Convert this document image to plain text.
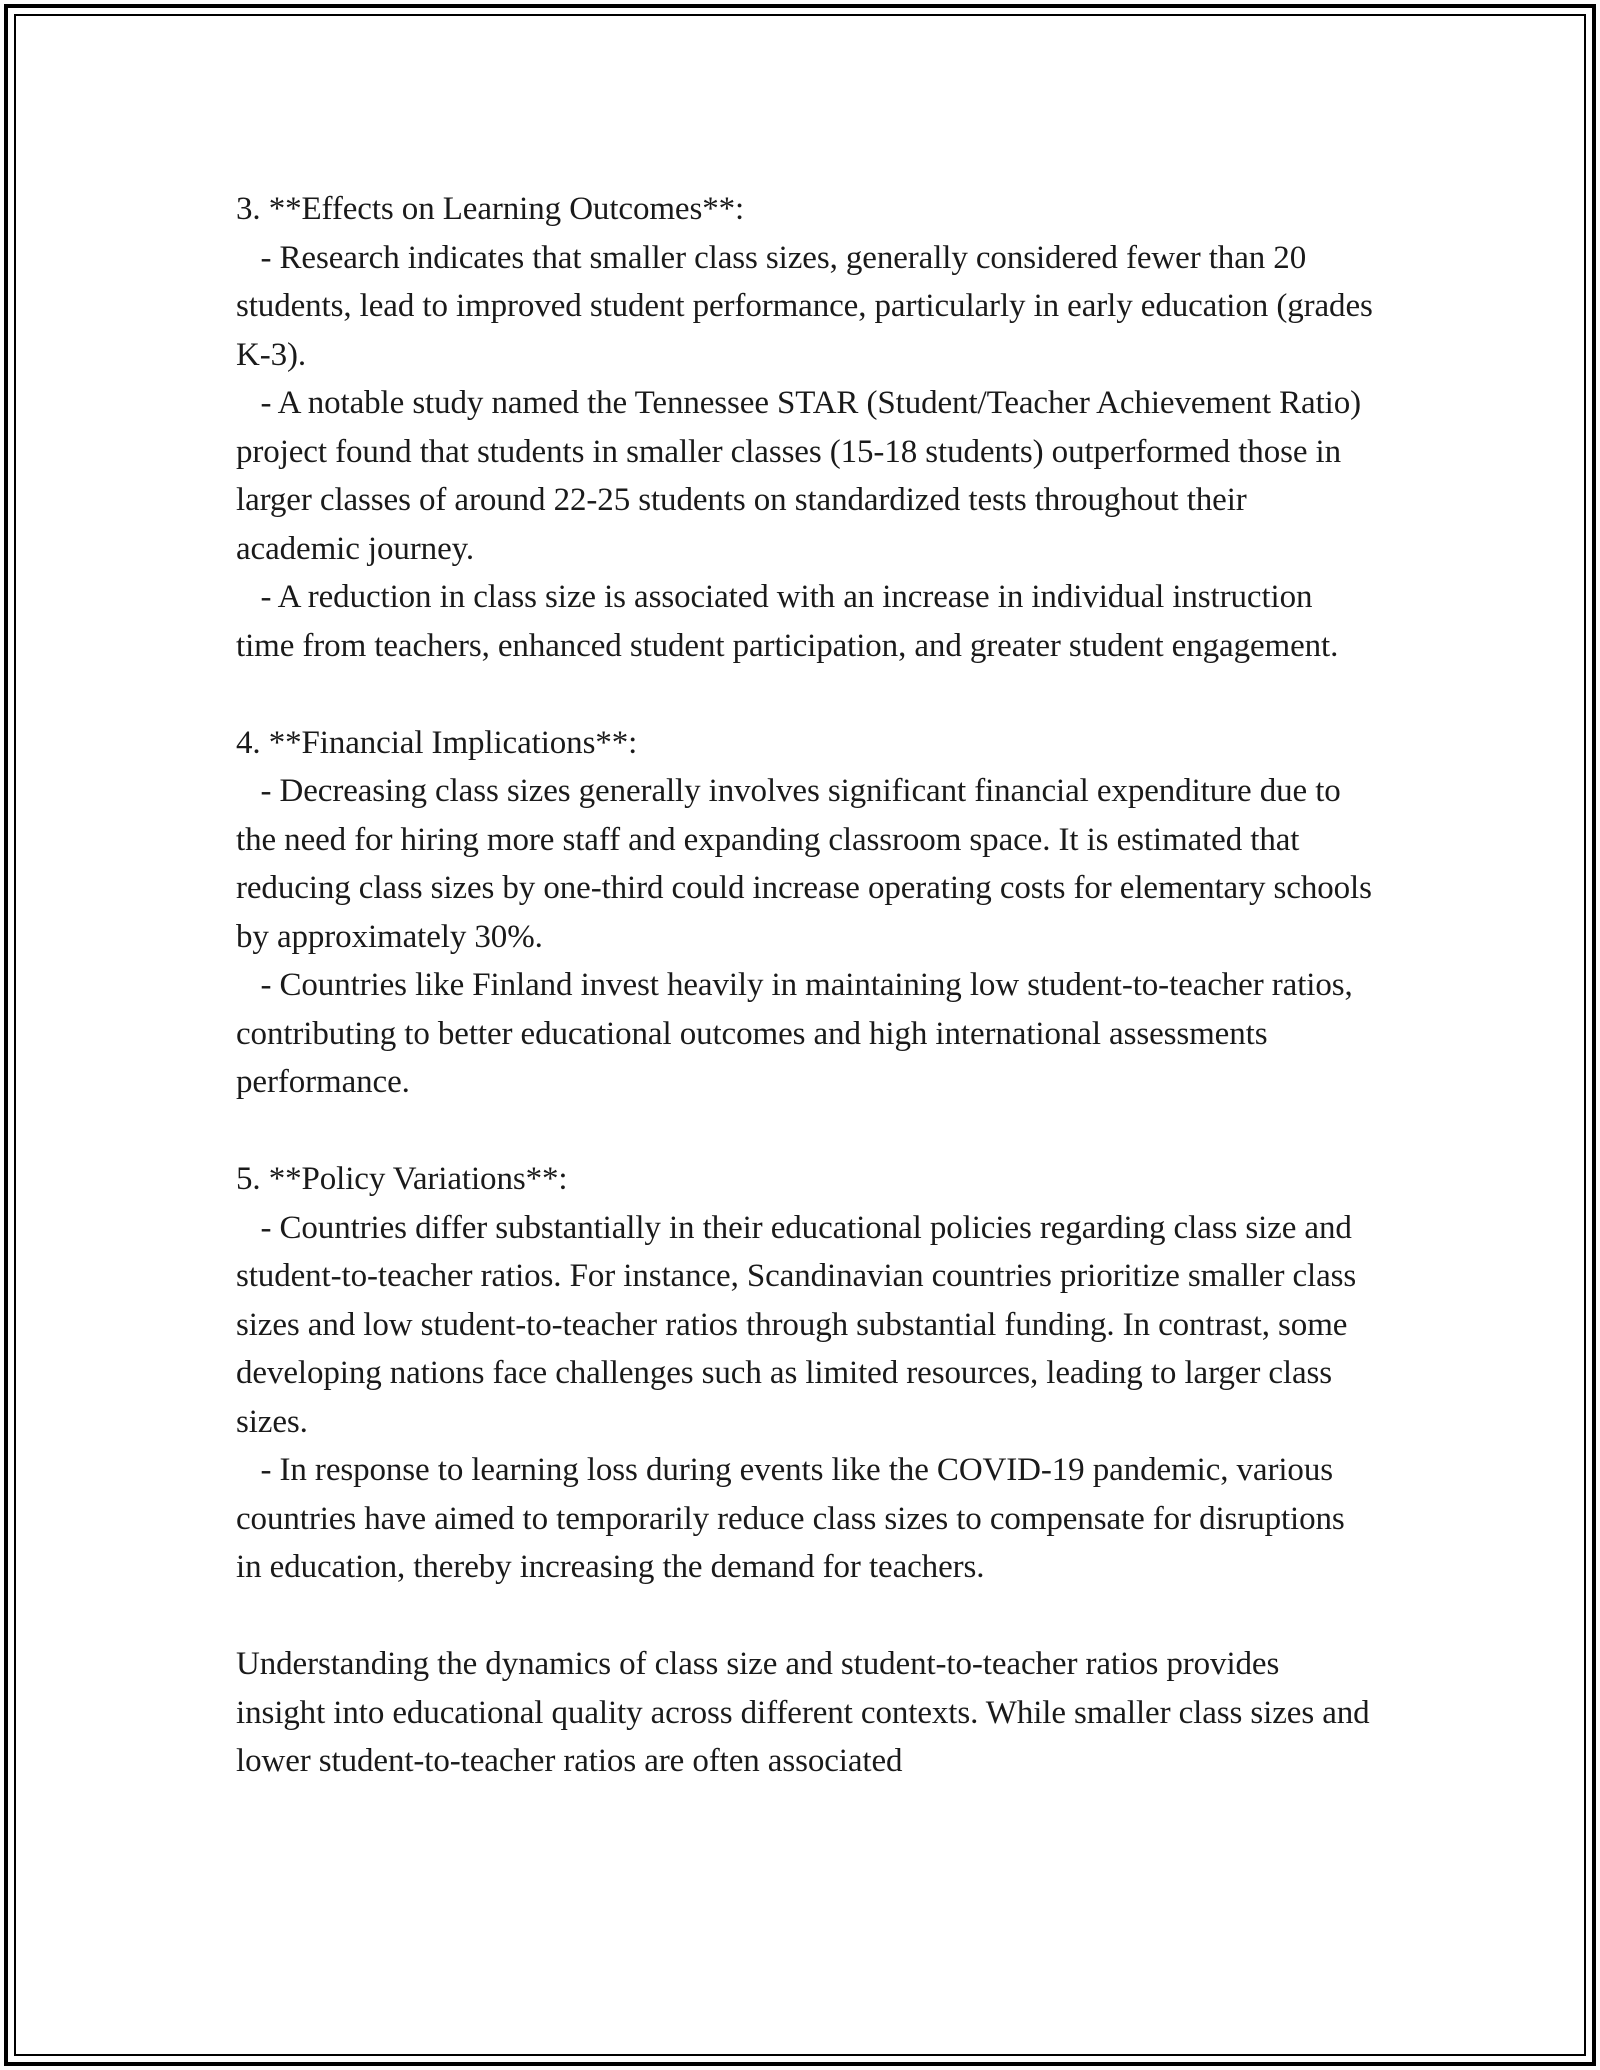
3. **Effects on Learning Outcomes**:

- Research indicates that smaller class sizes, generally considered fewer than 20 students, lead to improved student performance, particularly in early education (grades K-3).

- A notable study named the Tennessee STAR (Student/Teacher Achievement Ratio) project found that students in smaller classes (15-18 students) outperformed those in larger classes of around 22-25 students on standardized tests throughout their academic journey.

- A reduction in class size is associated with an increase in individual instruction time from teachers, enhanced student participation, and greater student engagement.

4. **Financial Implications**:

- Decreasing class sizes generally involves significant financial expenditure due to the need for hiring more staff and expanding classroom space. It is estimated that reducing class sizes by one-third could increase operating costs for elementary schools by approximately 30%.

- Countries like Finland invest heavily in maintaining low student-to-teacher ratios, contributing to better educational outcomes and high international assessments performance.

5. **Policy Variations**:

- Countries differ substantially in their educational policies regarding class size and student-to-teacher ratios. For instance, Scandinavian countries prioritize smaller class sizes and low student-to-teacher ratios through substantial funding. In contrast, some developing nations face challenges such as limited resources, leading to larger class sizes.

- In response to learning loss during events like the COVID-19 pandemic, various countries have aimed to temporarily reduce class sizes to compensate for disruptions in education, thereby increasing the demand for teachers.

Understanding the dynamics of class size and student-to-teacher ratios provides insight into educational quality across different contexts. While smaller class sizes and lower student-to-teacher ratios are often associated
